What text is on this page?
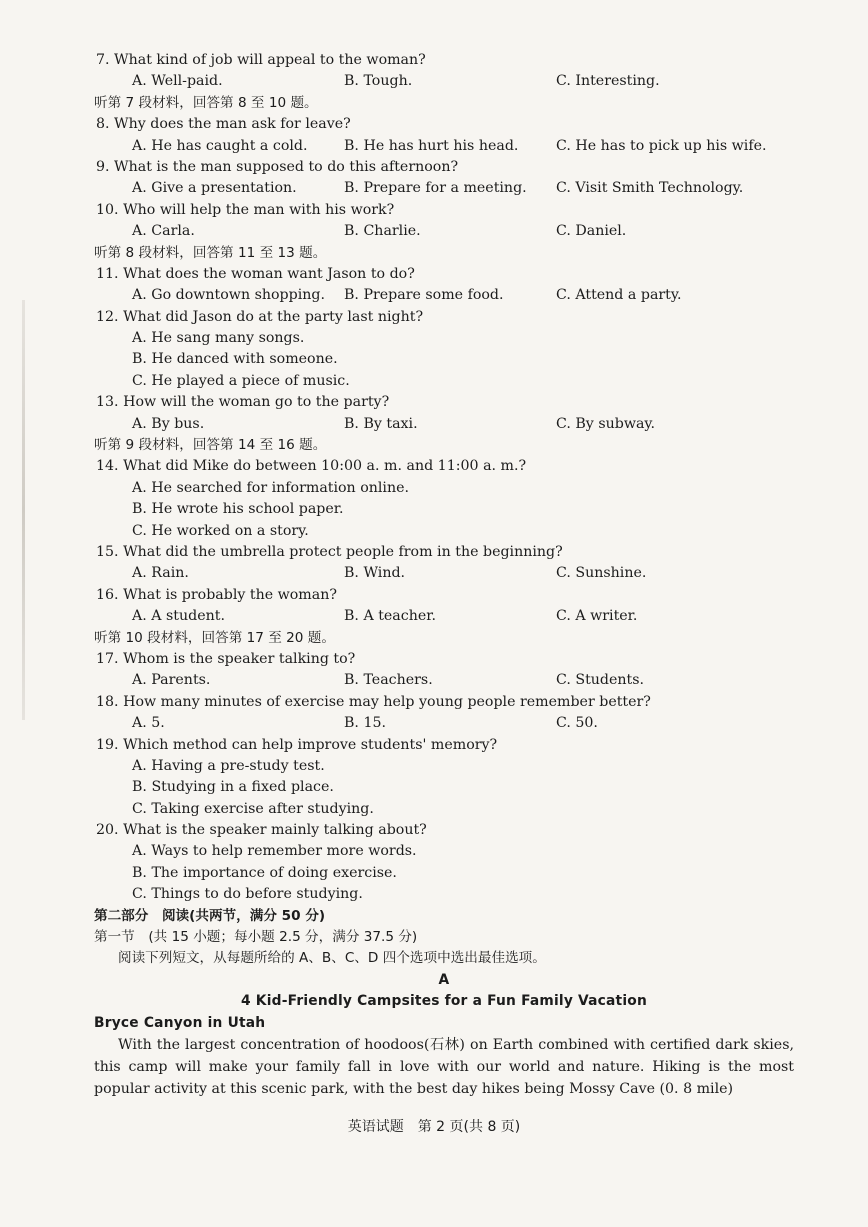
7. What kind of job will appeal to the woman?
A. Well-paid.	B. Tough.	C. Interesting.
听第 7 段材料，回答第 8 至 10 题。
8. Why does the man ask for leave?
A. He has caught a cold.	B. He has hurt his head.	C. He has to pick up his wife.
9. What is the man supposed to do this afternoon?
A. Give a presentation.	B. Prepare for a meeting. C. Visit Smith Technology.
10. Who will help the man with his work?
A. Carla.	B. Charlie.	C. Daniel.
听第 8 段材料，回答第 11 至 13 题。
11. What does the woman want Jason to do?
A. Go downtown shopping. B. Prepare some food.	C. Attend a party.
12. What did Jason do at the party last night?
A. He sang many songs.
B. He danced with someone.
C. He played a piece of music.
13. How will the woman go to the party?
A. By bus.	B. By taxi.	C. By subway.
听第 9 段材料，回答第 14 至 16 题。
14. What did Mike do between 10:00 a. m. and 11:00 a. m.?
A. He searched for information online.
B. He wrote his school paper.
C. He worked on a story.
15. What did the umbrella protect people from in the beginning?
A. Rain.	B. Wind.	C. Sunshine.
16. What is probably the woman?
A. A student.	B. A teacher.	C. A writer.
听第 10 段材料，回答第 17 至 20 题。
17. Whom is the speaker talking to?
A. Parents.	B. Teachers.	C. Students.
18. How many minutes of exercise may help young people remember better?
A. 5.	B. 15.	C. 50.
19. Which method can help improve students' memory?
A. Having a pre-study test.
B. Studying in a fixed place.
C. Taking exercise after studying.
20. What is the speaker mainly talking about?
A. Ways to help remember more words.
B. The importance of doing exercise.
C. Things to do before studying.
第二部分　阅读(共两节，满分 50 分)
第一节　(共 15 小题；每小题 2.5 分，满分 37.5 分)
阅读下列短文，从每题所给的 A、B、C、D 四个选项中选出最佳选项。
A
4 Kid-Friendly Campsites for a Fun Family Vacation
Bryce Canyon in Utah
With the largest concentration of hoodoos(石林) on Earth combined with certified dark skies, this camp will make your family fall in love with our world and nature. Hiking is the most popular activity at this scenic park, with the best day hikes being Mossy Cave (0. 8 mile)
英语试题　第 2 页(共 8 页)
